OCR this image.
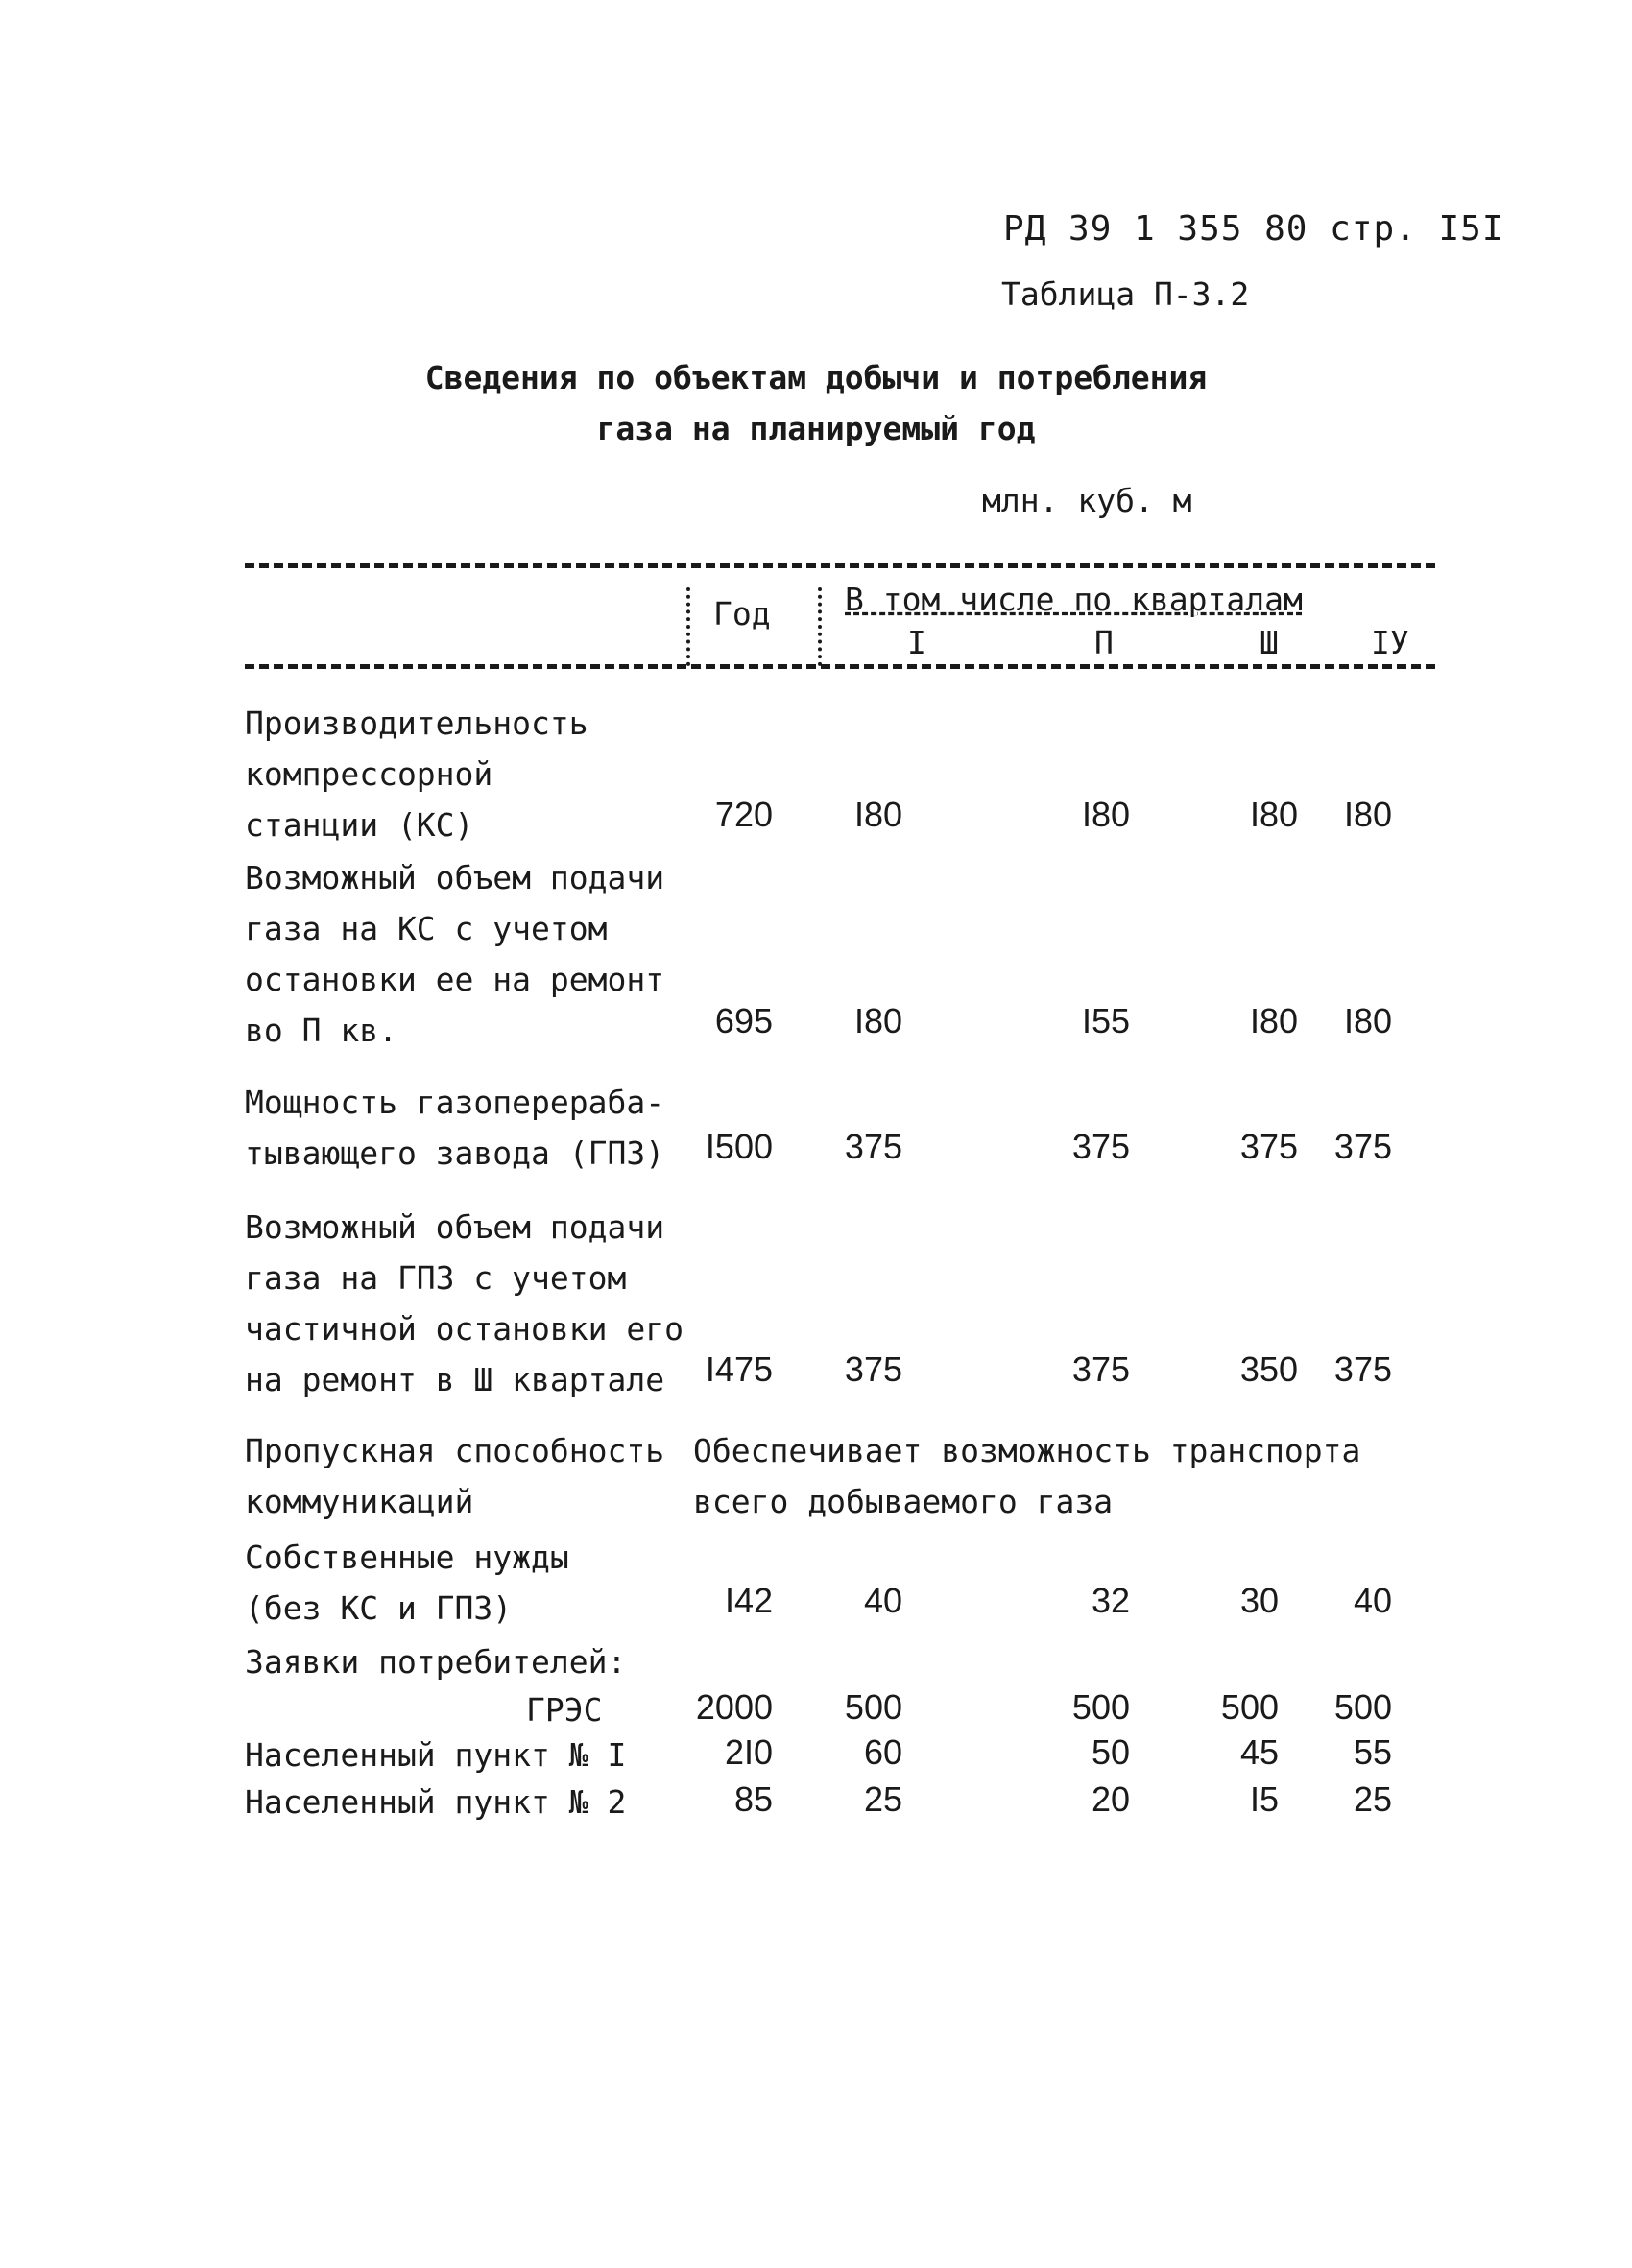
РД 39 1 355 80 стр. I5I
Таблица П-3.2
Сведения по объектам добычи и потребления
газа на планируемый год
млн. куб. м
Год В том числе по кварталам
I	П	Ш	IУ
Производительность
компрессорной
станции (КС)	720	I80	I80	I80	I80
Возможный объем подачи
газа на КС с учетом
остановки ее на ремонт
во П кв.	695	I80	I55	I80	I80
Мощность газоперераба-
тывающего завода (ГПЗ)	I500	375	375	375	375
Возможный объем подачи
газа на ГПЗ с учетом
частичной остановки его
на ремонт в Ш квартале	I475	375	375	350	375
Пропускная способность
коммуникаций
Обеспечивает возможность транспорта
всего добываемого газа
Собственные нужды
(без КС и ГПЗ)	I42	40	32	30	40
Заявки потребителей:
ГРЭС	2000	500	500	500	500
Населенный пункт № I	2I0	60	50	45	55
Населенный пункт № 2	85	25	20	I5	25
